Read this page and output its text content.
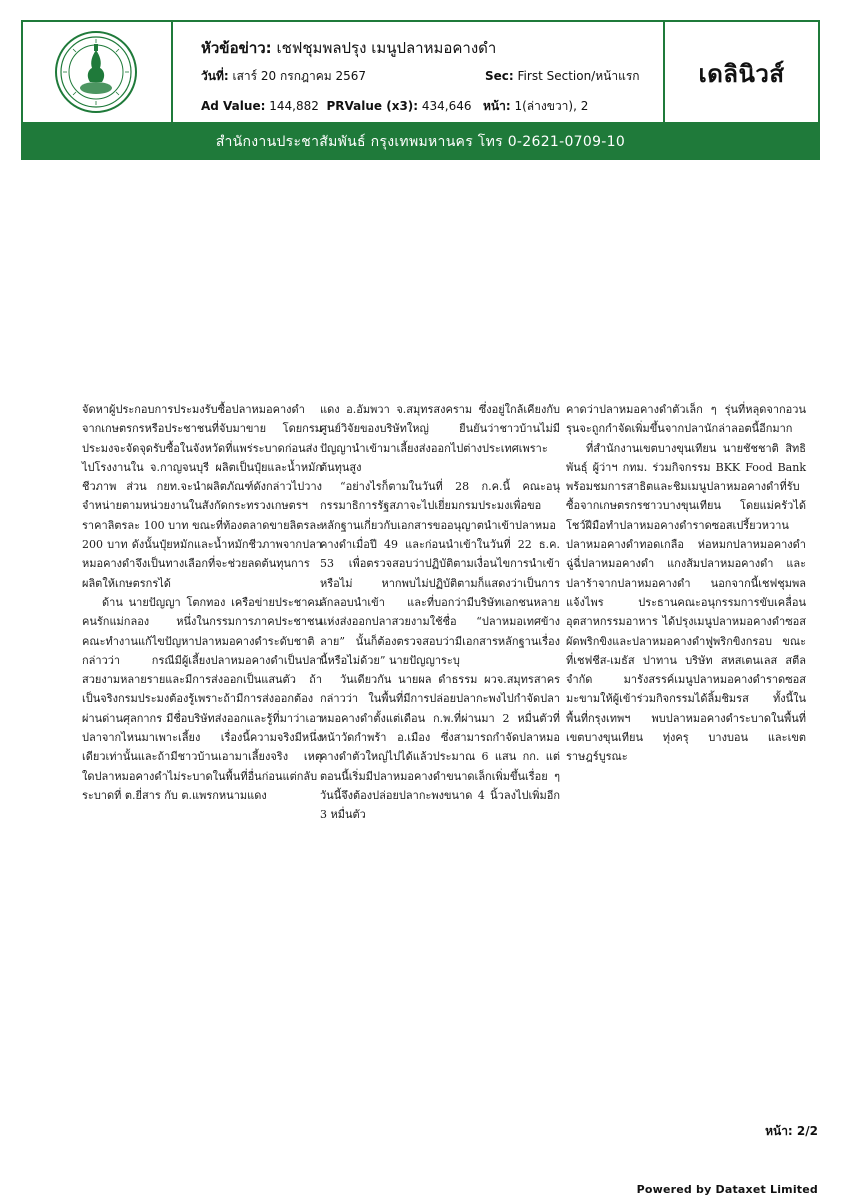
หัวข้อข่าว: เชฟชุมพลปรุง เมนูปลาหมอคางดำ
วันที่: เสาร์ 20 กรกฎาคม 2567	Sec: First Section/หน้าแรก
Ad Value: 144,882 PRValue (x3): 434,646 หน้า: 1(ล่างขวา), 2
เดลินิวส์
สำนักงานประชาสัมพันธ์ กรุงเทพมหานคร โทร 0-2621-0709-10

จัดหาผู้ประกอบการประมงรับซื้อปลาหมอคางดำจากเกษตรกรหรือประชาชนที่จับมาขาย โดยกรมประมงจะจัดจุดรับซื้อในจังหวัดที่แพร่ระบาดก่อนส่งไปโรงงานใน จ.กาญจนบุรี ผลิตเป็นปุ๋ยและน้ำหมักชีวภาพ ส่วน กยท.จะนำผลิตภัณฑ์ดังกล่าวไปวางจำหน่ายตามหน่วยงานในสังกัดกระทรวงเกษตรฯราคาลิตรละ 100 บาท ขณะที่ท้องตลาดขายลิตรละ 200 บาท ดังนั้นปุ๋ยหมักและน้ำหมักชีวภาพจากปลาหมอคางดำจึงเป็นทางเลือกที่จะช่วยลดต้นทุนการผลิตให้เกษตรกรได้

ด้าน นายปัญญา โตกทอง เครือข่ายประชาคมคนรักแม่กลอง หนึ่งในกรรมการภาคประชาชน คณะทำงานแก้ไขปัญหาปลาหมอคางดำระดับชาติ กล่าวว่า กรณีมีผู้เลี้ยงปลาหมอคางดำเป็นปลาสวยงามหลายรายและมีการส่งออกเป็นแสนตัว ถ้าเป็นจริงกรมประมงต้องรู้เพราะถ้ามีการส่งออกต้องผ่านด่านศุลกากร มีชื่อบริษัทส่งออกและรู้ที่มาว่าเอาปลาจากไหนมาเพาะเลี้ยง เรื่องนี้ความจริงมีหนึ่งเดียวเท่านั้นและถ้ามีชาวบ้านเอามาเลี้ยงจริง เหตุใดปลาหมอคางดำไม่ระบาดในพื้นที่อื่นก่อนแต่กลับระบาดที่ ต.ยี่สาร กับ ต.แพรกหนามแดง

แดง อ.อัมพวา จ.สมุทรสงคราม ซึ่งอยู่ใกล้เคียงกับศูนย์วิจัยของบริษัทใหญ่ ยืนยันว่าชาวบ้านไม่มีปัญญานำเข้ามาเลี้ยงส่งออกไปต่างประเทศเพราะต้นทุนสูง

“อย่างไรก็ตามในวันที่ 28 ก.ค.นี้ คณะอนุกรรมาธิการรัฐสภาจะไปเยี่ยมกรมประมงเพื่อขอหลักฐานเกี่ยวกับเอกสารขออนุญาตนำเข้าปลาหมอคางดำเมื่อปี 49 และก่อนนำเข้าในวันที่ 22 ธ.ค. 53 เพื่อตรวจสอบว่าปฏิบัติตามเงื่อนไขการนำเข้าหรือไม่ หากพบไม่ปฏิบัติตามก็แสดงว่าเป็นการลักลอบนำเข้า และที่บอกว่ามีบริษัทเอกชนหลายแห่งส่งออกปลาสวยงามใช้ชื่อ “ปลาหมอเทศข้างลาย” นั้นก็ต้องตรวจสอบว่ามีเอกสารหลักฐานเรื่องนี้หรือไม่ด้วย” นายปัญญาระบุ

วันเดียวกัน นายผล ดำธรรม ผวจ.สมุทรสาคร กล่าวว่า ในพื้นที่มีการปล่อยปลากะพงไปกำจัดปลาหมอคางดำตั้งแต่เดือน ก.พ.ที่ผ่านมา 2 หมื่นตัวที่หน้าวัดกำพร้า อ.เมือง ซึ่งสามารถกำจัดปลาหมอคางดำตัวใหญ่ไปได้แล้วประมาณ 6 แสน กก. แต่ตอนนี้เริ่มมีปลาหมอคางดำขนาดเล็กเพิ่มขึ้นเรื่อย ๆ วันนี้จึงต้องปล่อยปลากะพงขนาด 4 นิ้วลงไปเพิ่มอีก 3 หมื่นตัว

คาดว่าปลาหมอคางดำตัวเล็ก ๆ รุ่นที่หลุดจากอวนรุนจะถูกกำจัดเพิ่มขึ้นจากปลานักล่าลอตนี้อีกมาก

ที่สำนักงานเขตบางขุนเทียน นายชัชชาติ สิทธิพันธุ์ ผู้ว่าฯ กทม. ร่วมกิจกรรม BKK Food Bank พร้อมชมการสาธิตและชิมเมนูปลาหมอคางดำที่รับซื้อจากเกษตรกรชาวบางขุนเทียน โดยแม่ครัวได้โชว์ฝีมือทำปลาหมอคางดำราดซอสเปรี้ยวหวาน ปลาหมอคางดำทอดเกลือ ห่อหมกปลาหมอคางดำ ฉู่ฉี่ปลาหมอคางดำ แกงส้มปลาหมอคางดำ และปลาร้าจากปลาหมอคางดำ นอกจากนี้เชฟชุมพล แจ้งไพร ประธานคณะอนุกรรมการขับเคลื่อนอุตสาหกรรมอาหาร ได้ปรุงเมนูปลาหมอคางดำซอสผัดพริกขิงและปลาหมอคางดำฟูพริกขิงกรอบ ขณะที่เชฟชีส-เมธัส ปาทาน บริษัท สหสเตนเลส สตีล จำกัด มารังสรรค์เมนูปลาหมอคางดำราดซอสมะขามให้ผู้เข้าร่วมกิจกรรมได้ลิ้มชิมรส ทั้งนี้ในพื้นที่กรุงเทพฯ พบปลาหมอคางดำระบาดในพื้นที่เขตบางขุนเทียน ทุ่งครุ บางบอน และเขตราษฎร์บูรณะ

หน้า: 2/2
Powered by Dataxet Limited
